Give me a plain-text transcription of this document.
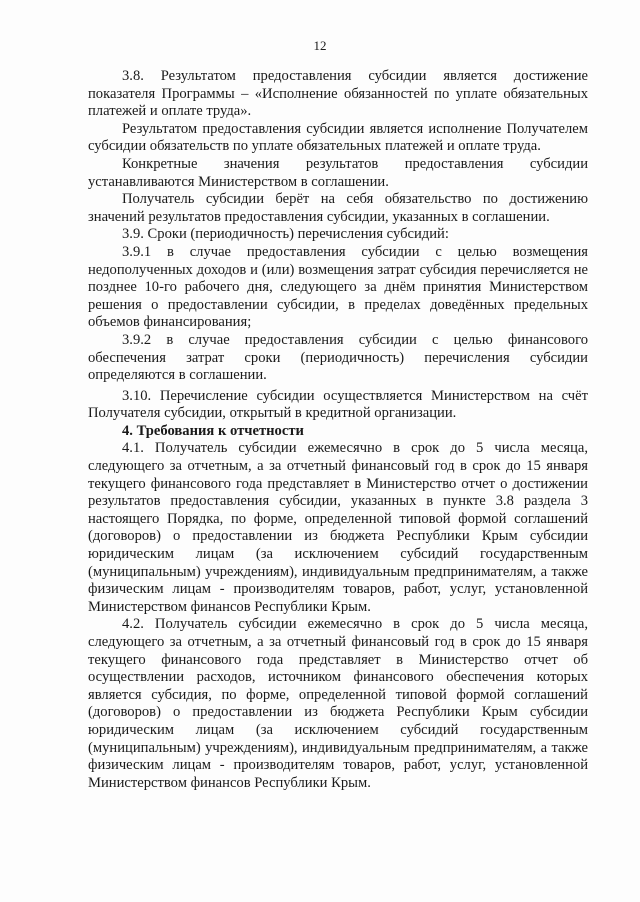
12

3.8. Результатом предоставления субсидии является достижение показателя Программы – «Исполнение обязанностей по уплате обязательных платежей и оплате труда».

Результатом предоставления субсидии является исполнение Получателем субсидии обязательств по уплате обязательных платежей и оплате труда.

Конкретные значения результатов предоставления субсидии устанавливаются Министерством в соглашении.

Получатель субсидии берёт на себя обязательство по достижению значений результатов предоставления субсидии, указанных в соглашении.

3.9. Сроки (периодичность) перечисления субсидий:

3.9.1 в случае предоставления субсидии с целью возмещения недополученных доходов и (или) возмещения затрат субсидия перечисляется не позднее 10-го рабочего дня, следующего за днём принятия Министерством решения о предоставлении субсидии, в пределах доведённых предельных объемов финансирования;

3.9.2 в случае предоставления субсидии с целью финансового обеспечения затрат сроки (периодичность) перечисления субсидии определяются в соглашении.

3.10. Перечисление субсидии осуществляется Министерством на счёт Получателя субсидии, открытый в кредитной организации.

4. Требования к отчетности

4.1. Получатель субсидии ежемесячно в срок до 5 числа месяца, следующего за отчетным, а за отчетный финансовый год в срок до 15 января текущего финансового года представляет в Министерство отчет о достижении результатов предоставления субсидии, указанных в пункте 3.8 раздела 3 настоящего Порядка, по форме, определенной типовой формой соглашений (договоров) о предоставлении из бюджета Республики Крым субсидии юридическим лицам (за исключением субсидий государственным (муниципальным) учреждениям), индивидуальным предпринимателям, а также физическим лицам - производителям товаров, работ, услуг, установленной Министерством финансов Республики Крым.

4.2. Получатель субсидии ежемесячно в срок до 5 числа месяца, следующего за отчетным, а за отчетный финансовый год в срок до 15 января текущего финансового года представляет в Министерство отчет об осуществлении расходов, источником финансового обеспечения которых является субсидия, по форме, определенной типовой формой соглашений (договоров) о предоставлении из бюджета Республики Крым субсидии юридическим лицам (за исключением субсидий государственным (муниципальным) учреждениям), индивидуальным предпринимателям, а также физическим лицам - производителям товаров, работ, услуг, установленной Министерством финансов Республики Крым.
